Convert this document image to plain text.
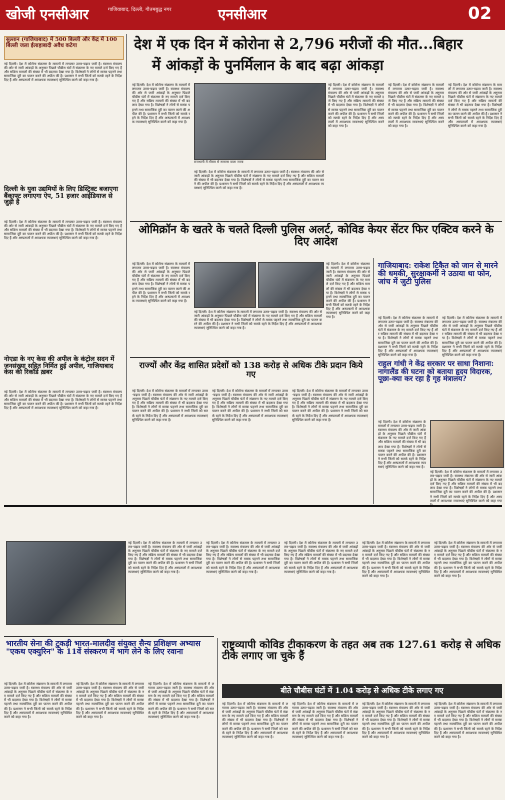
खोजी एनसीआर	गाजियाबाद, दिल्ली, गौतमबुद्ध नगर	एनसीआर	02
सुल्तान (गाजियाबाद) में 500 बिल्ली और केंद्र में 100 बिल्ली जला ईलाहाबादी अवैध कटेगा
नई दिल्ली। देश में कोरोना संक्रमण के मामलों में लगातार उतार-चढ़ाव जारी है। स्वास्थ्य मंत्रालय की ओर से जारी आंकड़ों के अनुसार पिछले चौबीस घंटों में संक्रमण के नए मामले दर्ज किए गए हैं और सक्रिय मामलों की संख्या में भी बदलाव देखा गया है। विशेषज्ञों ने लोगों से मास्क पहनने तथा सामाजिक दूरी का पालन करने की अपील की है। प्रशासन ने सभी जिलों को सतर्क रहने के निर्देश दिए हैं और अस्पतालों में आवश्यक व्यवस्थाएं सुनिश्चित करने को कहा गया है।
दिल्ली के युवा उद्यमियों के लिए डिस्ट्रिक्ट बजाएगा बैंकाफ्ट लगाएगा ऐप, 51 हजार आईडियाज से जुड़ी है
नई दिल्ली। देश में कोरोना संक्रमण के मामलों में लगातार उतार-चढ़ाव जारी है। स्वास्थ्य मंत्रालय की ओर से जारी आंकड़ों के अनुसार पिछले चौबीस घंटों में संक्रमण के नए मामले दर्ज किए गए हैं और सक्रिय मामलों की संख्या में भी बदलाव देखा गया है। विशेषज्ञों ने लोगों से मास्क पहनने तथा सामाजिक दूरी का पालन करने की अपील की है। प्रशासन ने सभी जिलों को सतर्क रहने के निर्देश दिए हैं और अस्पतालों में आवश्यक व्यवस्थाएं सुनिश्चित करने को कहा गया है।
नोएडा के नए केस की अपील के कंट्रोल सदन में जनसंख्या सहित निर्मित हुई अपील, गाजियाबाद केस की रिकॉर्ड ख़बर
नई दिल्ली। देश में कोरोना संक्रमण के मामलों में लगातार उतार-चढ़ाव जारी है। स्वास्थ्य मंत्रालय की ओर से जारी आंकड़ों के अनुसार पिछले चौबीस घंटों में संक्रमण के नए मामले दर्ज किए गए हैं और सक्रिय मामलों की संख्या में भी बदलाव देखा गया है। विशेषज्ञों ने लोगों से मास्क पहनने तथा सामाजिक दूरी का पालन करने की अपील की है। प्रशासन ने सभी जिलों को सतर्क रहने के निर्देश दिए हैं और अस्पतालों में आवश्यक व्यवस्थाएं सुनिश्चित करने को कहा गया है।
देश में एक दिन में कोरोना से 2,796 मरीजों की मौत...बिहार
में आंकड़ों के पुनर्मिलान के बाद बढ़ा आंकड़ा
नई दिल्ली। देश में कोरोना संक्रमण के मामलों में लगातार उतार-चढ़ाव जारी है। स्वास्थ्य मंत्रालय की ओर से जारी आंकड़ों के अनुसार पिछले चौबीस घंटों में संक्रमण के नए मामले दर्ज किए गए हैं और सक्रिय मामलों की संख्या में भी बदलाव देखा गया है। विशेषज्ञों ने लोगों से मास्क पहनने तथा सामाजिक दूरी का पालन करने की अपील की है। प्रशासन ने सभी जिलों को सतर्क रहने के निर्देश दिए हैं और अस्पतालों में आवश्यक व्यवस्थाएं सुनिश्चित करने को कहा गया है।
राजधानी में मौसम से नासरस वाला जाया
नई दिल्ली। देश में कोरोना संक्रमण के मामलों में लगातार उतार-चढ़ाव जारी है। स्वास्थ्य मंत्रालय की ओर से जारी आंकड़ों के अनुसार पिछले चौबीस घंटों में संक्रमण के नए मामले दर्ज किए गए हैं और सक्रिय मामलों की संख्या में भी बदलाव देखा गया है। विशेषज्ञों ने लोगों से मास्क पहनने तथा सामाजिक दूरी का पालन करने की अपील की है। प्रशासन ने सभी जिलों को सतर्क रहने के निर्देश दिए हैं और अस्पतालों में आवश्यक व्यवस्थाएं सुनिश्चित करने को कहा गया है।
नई दिल्ली। देश में कोरोना संक्रमण के मामलों में लगातार उतार-चढ़ाव जारी है। स्वास्थ्य मंत्रालय की ओर से जारी आंकड़ों के अनुसार पिछले चौबीस घंटों में संक्रमण के नए मामले दर्ज किए गए हैं और सक्रिय मामलों की संख्या में भी बदलाव देखा गया है। विशेषज्ञों ने लोगों से मास्क पहनने तथा सामाजिक दूरी का पालन करने की अपील की है। प्रशासन ने सभी जिलों को सतर्क रहने के निर्देश दिए हैं और अस्पतालों में आवश्यक व्यवस्थाएं सुनिश्चित करने को कहा गया है।
नई दिल्ली। देश में कोरोना संक्रमण के मामलों में लगातार उतार-चढ़ाव जारी है। स्वास्थ्य मंत्रालय की ओर से जारी आंकड़ों के अनुसार पिछले चौबीस घंटों में संक्रमण के नए मामले दर्ज किए गए हैं और सक्रिय मामलों की संख्या में भी बदलाव देखा गया है। विशेषज्ञों ने लोगों से मास्क पहनने तथा सामाजिक दूरी का पालन करने की अपील की है। प्रशासन ने सभी जिलों को सतर्क रहने के निर्देश दिए हैं और अस्पतालों में आवश्यक व्यवस्थाएं सुनिश्चित करने को कहा गया है।
नई दिल्ली। देश में कोरोना संक्रमण के मामलों में लगातार उतार-चढ़ाव जारी है। स्वास्थ्य मंत्रालय की ओर से जारी आंकड़ों के अनुसार पिछले चौबीस घंटों में संक्रमण के नए मामले दर्ज किए गए हैं और सक्रिय मामलों की संख्या में भी बदलाव देखा गया है। विशेषज्ञों ने लोगों से मास्क पहनने तथा सामाजिक दूरी का पालन करने की अपील की है। प्रशासन ने सभी जिलों को सतर्क रहने के निर्देश दिए हैं और अस्पतालों में आवश्यक व्यवस्थाएं सुनिश्चित करने को कहा गया है।
ओमिक्रॉन के खतरे के चलते दिल्ली पुलिस अलर्ट, कोविड केयर सेंटर फिर एक्टिव करने के दिए आदेश
नई दिल्ली। देश में कोरोना संक्रमण के मामलों में लगातार उतार-चढ़ाव जारी है। स्वास्थ्य मंत्रालय की ओर से जारी आंकड़ों के अनुसार पिछले चौबीस घंटों में संक्रमण के नए मामले दर्ज किए गए हैं और सक्रिय मामलों की संख्या में भी बदलाव देखा गया है। विशेषज्ञों ने लोगों से मास्क पहनने तथा सामाजिक दूरी का पालन करने की अपील की है। प्रशासन ने सभी जिलों को सतर्क रहने के निर्देश दिए हैं और अस्पतालों में आवश्यक व्यवस्थाएं सुनिश्चित करने को कहा गया है।
नई दिल्ली। देश में कोरोना संक्रमण के मामलों में लगातार उतार-चढ़ाव जारी है। स्वास्थ्य मंत्रालय की ओर से जारी आंकड़ों के अनुसार पिछले चौबीस घंटों में संक्रमण के नए मामले दर्ज किए गए हैं और सक्रिय मामलों की संख्या में भी बदलाव देखा गया है। विशेषज्ञों ने लोगों से मास्क पहनने तथा सामाजिक दूरी का पालन करने की अपील की है। प्रशासन ने सभी जिलों को सतर्क रहने के निर्देश दिए हैं और अस्पतालों में आवश्यक व्यवस्थाएं सुनिश्चित करने को कहा गया है।
नई दिल्ली। देश में कोरोना संक्रमण के मामलों में लगातार उतार-चढ़ाव जारी है। स्वास्थ्य मंत्रालय की ओर से जारी आंकड़ों के अनुसार पिछले चौबीस घंटों में संक्रमण के नए मामले दर्ज किए गए हैं और सक्रिय मामलों की संख्या में भी बदलाव देखा गया है। विशेषज्ञों ने लोगों से मास्क पहनने तथा सामाजिक दूरी का पालन करने की अपील की है। प्रशासन ने सभी जिलों को सतर्क रहने के निर्देश दिए हैं और अस्पतालों में आवश्यक व्यवस्थाएं सुनिश्चित करने को कहा गया है।
गाजियाबाद: राकेश टिकैत को जान से मारने की धमकी, सुरक्षाकर्मी ने उठाया था फोन, जांच में जुटी पुलिस
नई दिल्ली। देश में कोरोना संक्रमण के मामलों में लगातार उतार-चढ़ाव जारी है। स्वास्थ्य मंत्रालय की ओर से जारी आंकड़ों के अनुसार पिछले चौबीस घंटों में संक्रमण के नए मामले दर्ज किए गए हैं और सक्रिय मामलों की संख्या में भी बदलाव देखा गया है। विशेषज्ञों ने लोगों से मास्क पहनने तथा सामाजिक दूरी का पालन करने की अपील की है। प्रशासन ने सभी जिलों को सतर्क रहने के निर्देश दिए हैं और अस्पतालों में आवश्यक व्यवस्थाएं सुनिश्चित करने को कहा गया है।
नई दिल्ली। देश में कोरोना संक्रमण के मामलों में लगातार उतार-चढ़ाव जारी है। स्वास्थ्य मंत्रालय की ओर से जारी आंकड़ों के अनुसार पिछले चौबीस घंटों में संक्रमण के नए मामले दर्ज किए गए हैं और सक्रिय मामलों की संख्या में भी बदलाव देखा गया है। विशेषज्ञों ने लोगों से मास्क पहनने तथा सामाजिक दूरी का पालन करने की अपील की है। प्रशासन ने सभी जिलों को सतर्क रहने के निर्देश दिए हैं और अस्पतालों में आवश्यक व्यवस्थाएं सुनिश्चित करने को कहा गया है।
राज्यों और केंद्र शासित प्रदेशों को 138 करोड़ से अधिक टीके प्रदान किये गए
नई दिल्ली। देश में कोरोना संक्रमण के मामलों में लगातार उतार-चढ़ाव जारी है। स्वास्थ्य मंत्रालय की ओर से जारी आंकड़ों के अनुसार पिछले चौबीस घंटों में संक्रमण के नए मामले दर्ज किए गए हैं और सक्रिय मामलों की संख्या में भी बदलाव देखा गया है। विशेषज्ञों ने लोगों से मास्क पहनने तथा सामाजिक दूरी का पालन करने की अपील की है। प्रशासन ने सभी जिलों को सतर्क रहने के निर्देश दिए हैं और अस्पतालों में आवश्यक व्यवस्थाएं सुनिश्चित करने को कहा गया है।
नई दिल्ली। देश में कोरोना संक्रमण के मामलों में लगातार उतार-चढ़ाव जारी है। स्वास्थ्य मंत्रालय की ओर से जारी आंकड़ों के अनुसार पिछले चौबीस घंटों में संक्रमण के नए मामले दर्ज किए गए हैं और सक्रिय मामलों की संख्या में भी बदलाव देखा गया है। विशेषज्ञों ने लोगों से मास्क पहनने तथा सामाजिक दूरी का पालन करने की अपील की है। प्रशासन ने सभी जिलों को सतर्क रहने के निर्देश दिए हैं और अस्पतालों में आवश्यक व्यवस्थाएं सुनिश्चित करने को कहा गया है।
नई दिल्ली। देश में कोरोना संक्रमण के मामलों में लगातार उतार-चढ़ाव जारी है। स्वास्थ्य मंत्रालय की ओर से जारी आंकड़ों के अनुसार पिछले चौबीस घंटों में संक्रमण के नए मामले दर्ज किए गए हैं और सक्रिय मामलों की संख्या में भी बदलाव देखा गया है। विशेषज्ञों ने लोगों से मास्क पहनने तथा सामाजिक दूरी का पालन करने की अपील की है। प्रशासन ने सभी जिलों को सतर्क रहने के निर्देश दिए हैं और अस्पतालों में आवश्यक व्यवस्थाएं सुनिश्चित करने को कहा गया है।
राहुल गांधी ने केंद्र सरकार पर साधा निशाना: नागालैंड की घटना को बताया हृदय विदारक, पूछा-क्या कर रहा है गृह मंत्रालय?
नई दिल्ली। देश में कोरोना संक्रमण के मामलों में लगातार उतार-चढ़ाव जारी है। स्वास्थ्य मंत्रालय की ओर से जारी आंकड़ों के अनुसार पिछले चौबीस घंटों में संक्रमण के नए मामले दर्ज किए गए हैं और सक्रिय मामलों की संख्या में भी बदलाव देखा गया है। विशेषज्ञों ने लोगों से मास्क पहनने तथा सामाजिक दूरी का पालन करने की अपील की है। प्रशासन ने सभी जिलों को सतर्क रहने के निर्देश दिए हैं और अस्पतालों में आवश्यक व्यवस्थाएं सुनिश्चित करने को कहा गया है।
नई दिल्ली। देश में कोरोना संक्रमण के मामलों में लगातार उतार-चढ़ाव जारी है। स्वास्थ्य मंत्रालय की ओर से जारी आंकड़ों के अनुसार पिछले चौबीस घंटों में संक्रमण के नए मामले दर्ज किए गए हैं और सक्रिय मामलों की संख्या में भी बदलाव देखा गया है। विशेषज्ञों ने लोगों से मास्क पहनने तथा सामाजिक दूरी का पालन करने की अपील की है। प्रशासन ने सभी जिलों को सतर्क रहने के निर्देश दिए हैं और अस्पतालों में आवश्यक व्यवस्थाएं सुनिश्चित करने को कहा गया
नई दिल्ली। देश में कोरोना संक्रमण के मामलों में लगातार उतार-चढ़ाव जारी है। स्वास्थ्य मंत्रालय की ओर से जारी आंकड़ों के अनुसार पिछले चौबीस घंटों में संक्रमण के नए मामले दर्ज किए गए हैं और सक्रिय मामलों की संख्या में भी बदलाव देखा गया है। विशेषज्ञों ने लोगों से मास्क पहनने तथा सामाजिक दूरी का पालन करने की अपील की है। प्रशासन ने सभी जिलों को सतर्क रहने के निर्देश दिए हैं और अस्पतालों में आवश्यक व्यवस्थाएं सुनिश्चित करने को कहा गया है।
नई दिल्ली। देश में कोरोना संक्रमण के मामलों में लगातार उतार-चढ़ाव जारी है। स्वास्थ्य मंत्रालय की ओर से जारी आंकड़ों के अनुसार पिछले चौबीस घंटों में संक्रमण के नए मामले दर्ज किए गए हैं और सक्रिय मामलों की संख्या में भी बदलाव देखा गया है। विशेषज्ञों ने लोगों से मास्क पहनने तथा सामाजिक दूरी का पालन करने की अपील की है। प्रशासन ने सभी जिलों को सतर्क रहने के निर्देश दिए हैं और अस्पतालों में आवश्यक व्यवस्थाएं सुनिश्चित करने को कहा गया है।
नई दिल्ली। देश में कोरोना संक्रमण के मामलों में लगातार उतार-चढ़ाव जारी है। स्वास्थ्य मंत्रालय की ओर से जारी आंकड़ों के अनुसार पिछले चौबीस घंटों में संक्रमण के नए मामले दर्ज किए गए हैं और सक्रिय मामलों की संख्या में भी बदलाव देखा गया है। विशेषज्ञों ने लोगों से मास्क पहनने तथा सामाजिक दूरी का पालन करने की अपील की है। प्रशासन ने सभी जिलों को सतर्क रहने के निर्देश दिए हैं और अस्पतालों में आवश्यक व्यवस्थाएं सुनिश्चित करने को कहा गया है।
नई दिल्ली। देश में कोरोना संक्रमण के मामलों में लगातार उतार-चढ़ाव जारी है। स्वास्थ्य मंत्रालय की ओर से जारी आंकड़ों के अनुसार पिछले चौबीस घंटों में संक्रमण के नए मामले दर्ज किए गए हैं और सक्रिय मामलों की संख्या में भी बदलाव देखा गया है। विशेषज्ञों ने लोगों से मास्क पहनने तथा सामाजिक दूरी का पालन करने की अपील की है। प्रशासन ने सभी जिलों को सतर्क रहने के निर्देश दिए हैं और अस्पतालों में आवश्यक व्यवस्थाएं सुनिश्चित करने को कहा गया है।
नई दिल्ली। देश में कोरोना संक्रमण के मामलों में लगातार उतार-चढ़ाव जारी है। स्वास्थ्य मंत्रालय की ओर से जारी आंकड़ों के अनुसार पिछले चौबीस घंटों में संक्रमण के नए मामले दर्ज किए गए हैं और सक्रिय मामलों की संख्या में भी बदलाव देखा गया है। विशेषज्ञों ने लोगों से मास्क पहनने तथा सामाजिक दूरी का पालन करने की अपील की है। प्रशासन ने सभी जिलों को सतर्क रहने के निर्देश दिए हैं और अस्पतालों में आवश्यक व्यवस्थाएं सुनिश्चित करने को कहा गया है।
भारतीय सेना की टुकड़ी भारत-मालदीव संयुक्त सैन्य प्रशिक्षण अभ्यास "एकथ एक्युरिन" के 11वें संस्करण में भाग लेने के लिए रवाना
नई दिल्ली। देश में कोरोना संक्रमण के मामलों में लगातार उतार-चढ़ाव जारी है। स्वास्थ्य मंत्रालय की ओर से जारी आंकड़ों के अनुसार पिछले चौबीस घंटों में संक्रमण के नए मामले दर्ज किए गए हैं और सक्रिय मामलों की संख्या में भी बदलाव देखा गया है। विशेषज्ञों ने लोगों से मास्क पहनने तथा सामाजिक दूरी का पालन करने की अपील की है। प्रशासन ने सभी जिलों को सतर्क रहने के निर्देश दिए हैं और अस्पतालों में आवश्यक व्यवस्थाएं सुनिश्चित करने को कहा गया है।
नई दिल्ली। देश में कोरोना संक्रमण के मामलों में लगातार उतार-चढ़ाव जारी है। स्वास्थ्य मंत्रालय की ओर से जारी आंकड़ों के अनुसार पिछले चौबीस घंटों में संक्रमण के नए मामले दर्ज किए गए हैं और सक्रिय मामलों की संख्या में भी बदलाव देखा गया है। विशेषज्ञों ने लोगों से मास्क पहनने तथा सामाजिक दूरी का पालन करने की अपील की है। प्रशासन ने सभी जिलों को सतर्क रहने के निर्देश दिए हैं और अस्पतालों में आवश्यक व्यवस्थाएं सुनिश्चित करने को कहा गया है।
नई दिल्ली। देश में कोरोना संक्रमण के मामलों में लगातार उतार-चढ़ाव जारी है। स्वास्थ्य मंत्रालय की ओर से जारी आंकड़ों के अनुसार पिछले चौबीस घंटों में संक्रमण के नए मामले दर्ज किए गए हैं और सक्रिय मामलों की संख्या में भी बदलाव देखा गया है। विशेषज्ञों ने लोगों से मास्क पहनने तथा सामाजिक दूरी का पालन करने की अपील की है। प्रशासन ने सभी जिलों को सतर्क रहने के निर्देश दिए हैं और अस्पतालों में आवश्यक व्यवस्थाएं सुनिश्चित करने को कहा गया है।
राष्ट्रव्यापी कोविड टीकाकरण के तहत अब तक 127.61 करोड़ से अधिक टीके लगाए जा चुके हैं
बीते चौबीस घंटों में 1.04 करोड़ से अधिक टीके लगाए गए
नई दिल्ली। देश में कोरोना संक्रमण के मामलों में लगातार उतार-चढ़ाव जारी है। स्वास्थ्य मंत्रालय की ओर से जारी आंकड़ों के अनुसार पिछले चौबीस घंटों में संक्रमण के नए मामले दर्ज किए गए हैं और सक्रिय मामलों की संख्या में भी बदलाव देखा गया है। विशेषज्ञों ने लोगों से मास्क पहनने तथा सामाजिक दूरी का पालन करने की अपील की है। प्रशासन ने सभी जिलों को सतर्क रहने के निर्देश दिए हैं और अस्पतालों में आवश्यक व्यवस्थाएं सुनिश्चित करने को कहा गया है।
नई दिल्ली। देश में कोरोना संक्रमण के मामलों में लगातार उतार-चढ़ाव जारी है। स्वास्थ्य मंत्रालय की ओर से जारी आंकड़ों के अनुसार पिछले चौबीस घंटों में संक्रमण के नए मामले दर्ज किए गए हैं और सक्रिय मामलों की संख्या में भी बदलाव देखा गया है। विशेषज्ञों ने लोगों से मास्क पहनने तथा सामाजिक दूरी का पालन करने की अपील की है। प्रशासन ने सभी जिलों को सतर्क रहने के निर्देश दिए हैं और अस्पतालों में आवश्यक व्यवस्थाएं सुनिश्चित करने को कहा गया है।
नई दिल्ली। देश में कोरोना संक्रमण के मामलों में लगातार उतार-चढ़ाव जारी है। स्वास्थ्य मंत्रालय की ओर से जारी आंकड़ों के अनुसार पिछले चौबीस घंटों में संक्रमण के नए मामले दर्ज किए गए हैं और सक्रिय मामलों की संख्या में भी बदलाव देखा गया है। विशेषज्ञों ने लोगों से मास्क पहनने तथा सामाजिक दूरी का पालन करने की अपील की है। प्रशासन ने सभी जिलों को सतर्क रहने के निर्देश दिए हैं और अस्पतालों में आवश्यक व्यवस्थाएं सुनिश्चित करने को कहा गया है।
नई दिल्ली। देश में कोरोना संक्रमण के मामलों में लगातार उतार-चढ़ाव जारी है। स्वास्थ्य मंत्रालय की ओर से जारी आंकड़ों के अनुसार पिछले चौबीस घंटों में संक्रमण के नए मामले दर्ज किए गए हैं और सक्रिय मामलों की संख्या में भी बदलाव देखा गया है। विशेषज्ञों ने लोगों से मास्क पहनने तथा सामाजिक दूरी का पालन करने की अपील की है। प्रशासन ने सभी जिलों को सतर्क रहने के निर्देश दिए हैं और अस्पतालों में आवश्यक व्यवस्थाएं सुनिश्चित करने को कहा गया है।
